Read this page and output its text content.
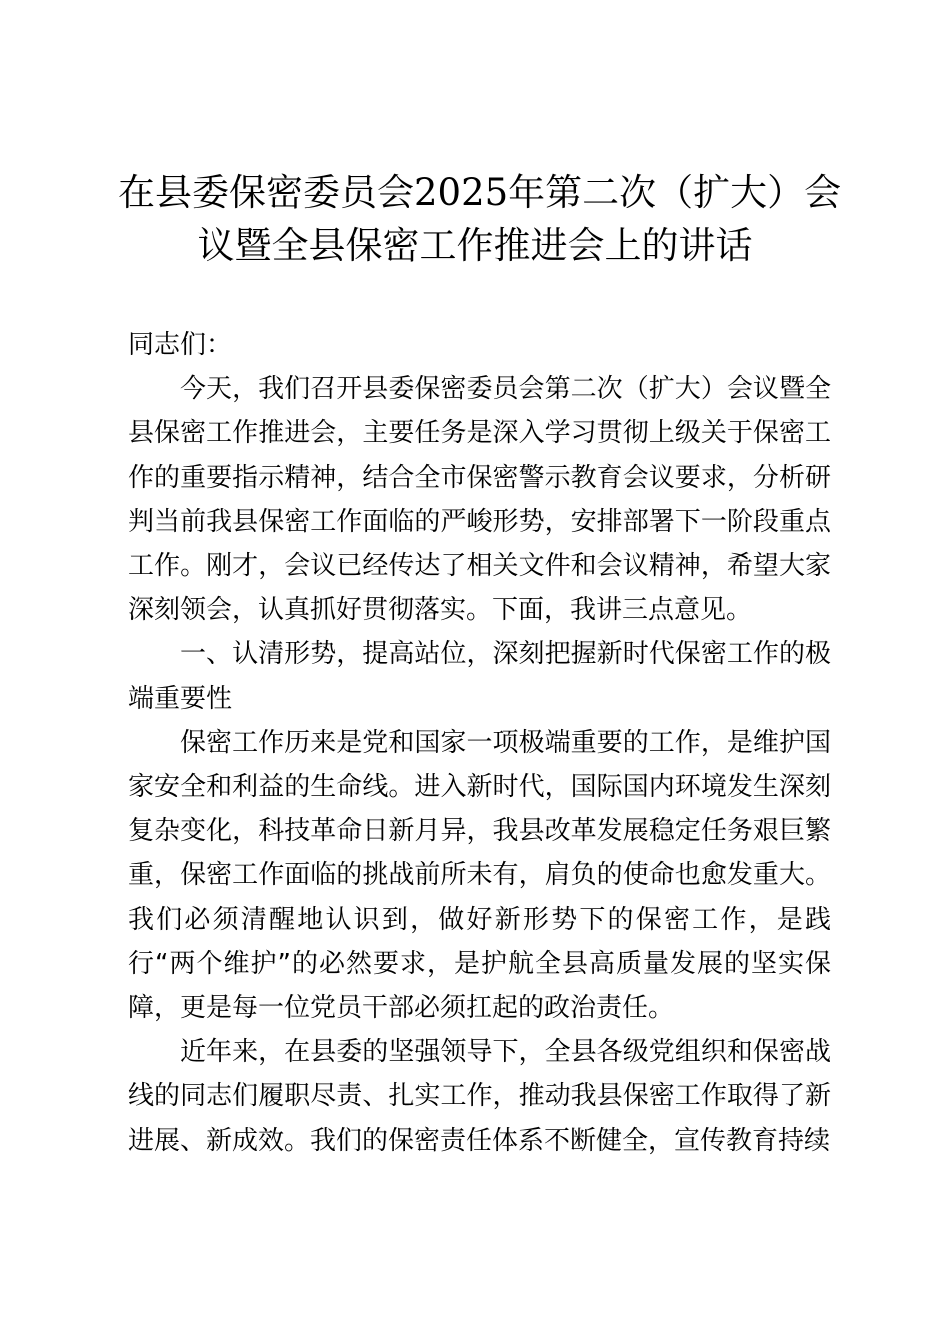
在县委保密委员会2025年第二次（扩大）会
议暨全县保密工作推进会上的讲话

同志们：

今天，我们召开县委保密委员会第二次（扩大）会议暨全县保密工作推进会，主要任务是深入学习贯彻上级关于保密工作的重要指示精神，结合全市保密警示教育会议要求，分析研判当前我县保密工作面临的严峻形势，安排部署下一阶段重点工作。刚才，会议已经传达了相关文件和会议精神，希望大家深刻领会，认真抓好贯彻落实。下面，我讲三点意见。

一、认清形势，提高站位，深刻把握新时代保密工作的极端重要性

保密工作历来是党和国家一项极端重要的工作，是维护国家安全和利益的生命线。进入新时代，国际国内环境发生深刻复杂变化，科技革命日新月异，我县改革发展稳定任务艰巨繁重，保密工作面临的挑战前所未有，肩负的使命也愈发重大。我们必须清醒地认识到，做好新形势下的保密工作，是践行“两个维护”的必然要求，是护航全县高质量发展的坚实保障，更是每一位党员干部必须扛起的政治责任。

近年来，在县委的坚强领导下，全县各级党组织和保密战线的同志们履职尽责、扎实工作，推动我县保密工作取得了新进展、新成效。我们的保密责任体系不断健全，宣传教育持续
